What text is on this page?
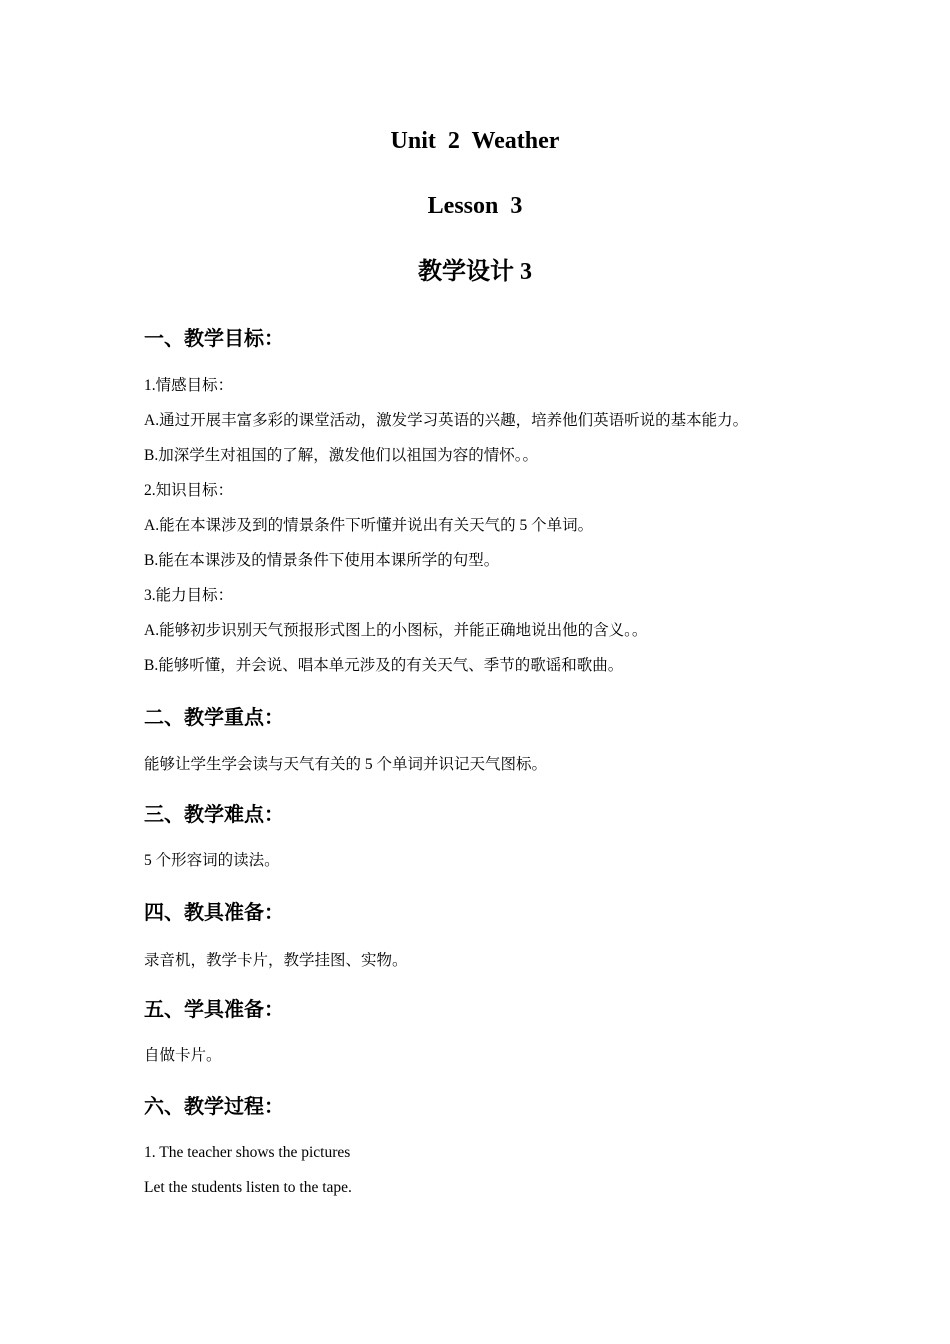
Unit  2  Weather
Lesson  3
教学设计 3
一、教学目标：
1.情感目标：
A.通过开展丰富多彩的课堂活动，激发学习英语的兴趣，培养他们英语听说的基本能力。
B.加深学生对祖国的了解，激发他们以祖国为容的情怀。。
2.知识目标：
A.能在本课涉及到的情景条件下听懂并说出有关天气的 5 个单词。
B.能在本课涉及的情景条件下使用本课所学的句型。
3.能力目标：
A.能够初步识别天气预报形式图上的小图标，并能正确地说出他的含义。。
B.能够听懂，并会说、唱本单元涉及的有关天气、季节的歌谣和歌曲。
二、教学重点：
能够让学生学会读与天气有关的 5 个单词并识记天气图标。
三、教学难点：
5 个形容词的读法。
四、教具准备：
录音机，教学卡片，教学挂图、实物。
五、学具准备：
自做卡片。
六、教学过程：
1. The teacher shows the pictures
Let the students listen to the tape.
